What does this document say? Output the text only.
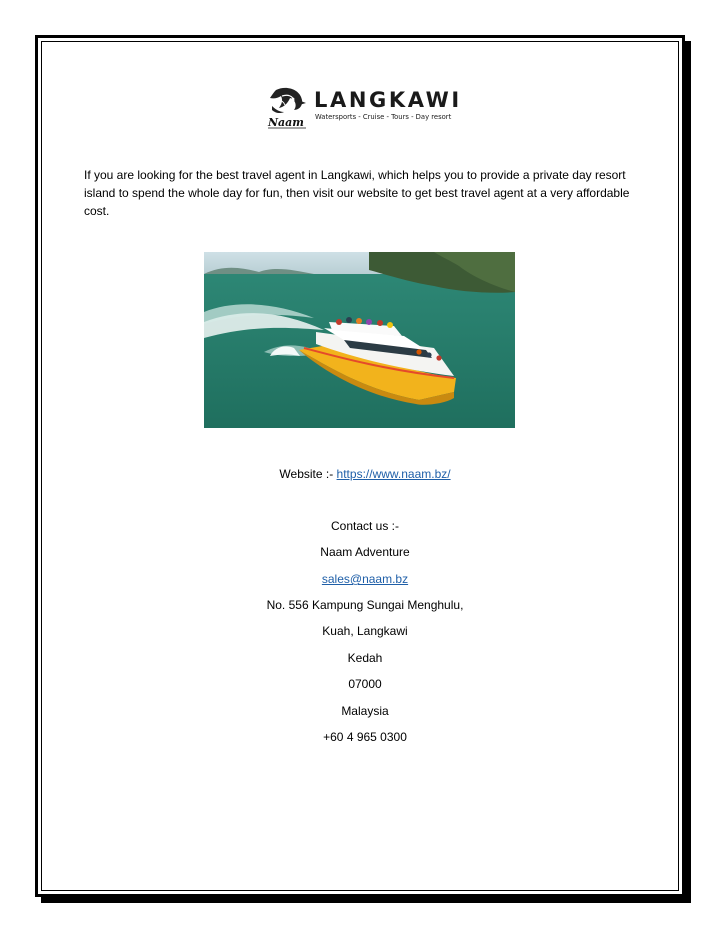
Naam
LANGKAWI
Watersports - Cruise - Tours - Day resort

If you are looking for the best travel agent in Langkawi, which helps you to provide a private day resort island to spend the whole day for fun, then visit our website to get best travel agent at a very affordable cost.

Website :- https://www.naam.bz/
Contact us :-
Naam Adventure
sales@naam.bz
No. 556 Kampung Sungai Menghulu,
Kuah, Langkawi
Kedah
07000
Malaysia
+60 4 965 0300
